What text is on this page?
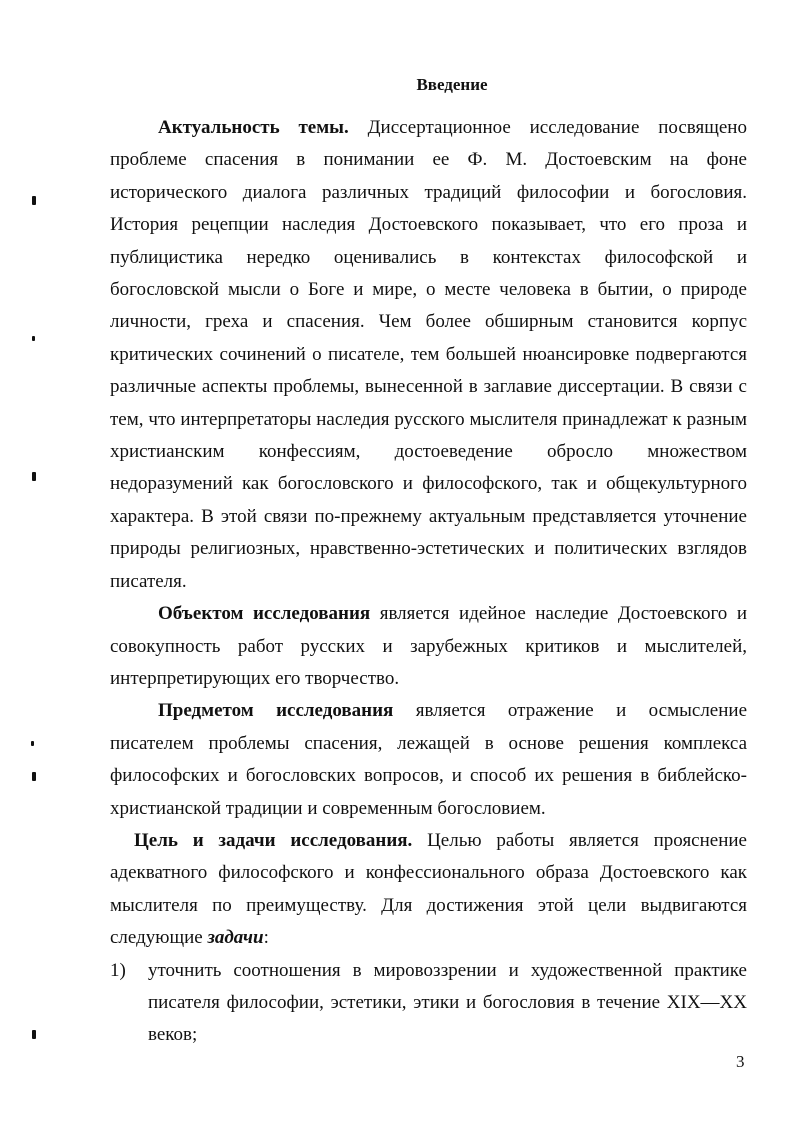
Введение

Актуальность темы. Диссертационное исследование посвящено проблеме спасения в понимании ее Ф. М. Достоевским на фоне исторического диалога различных традиций философии и богословия. История рецепции наследия Достоевского показывает, что его проза и публицистика нередко оценивались в контекстах философской и богословской мысли о Боге и мире, о месте человека в бытии, о природе личности, греха и спасения. Чем более обширным становится корпус критических сочинений о писателе, тем большей нюансировке подвергаются различные аспекты проблемы, вынесенной в заглавие диссертации. В связи с тем, что интерпретаторы наследия русского мыслителя принадлежат к разным христианским конфессиям, достоеведение обросло множеством недоразумений как богословского и философского, так и общекультурного характера. В этой связи по-прежнему актуальным представляется уточнение природы религиозных, нравственно-эстетических и политических взглядов писателя.

Объектом исследования является идейное наследие Достоевского и совокупность работ русских и зарубежных критиков и мыслителей, интерпретирующих его творчество.

Предметом исследования является отражение и осмысление писателем проблемы спасения, лежащей в основе решения комплекса философских и богословских вопросов, и способ их решения в библейско-христианской традиции и современным богословием.

Цель и задачи исследования. Целью работы является прояснение адекватного философского и конфессионального образа Достоевского как мыслителя по преимуществу. Для достижения этой цели выдвигаются следующие задачи:

1) уточнить соотношения в мировоззрении и художественной практике писателя философии, эстетики, этики и богословия в течение XIX—XX веков;

3
